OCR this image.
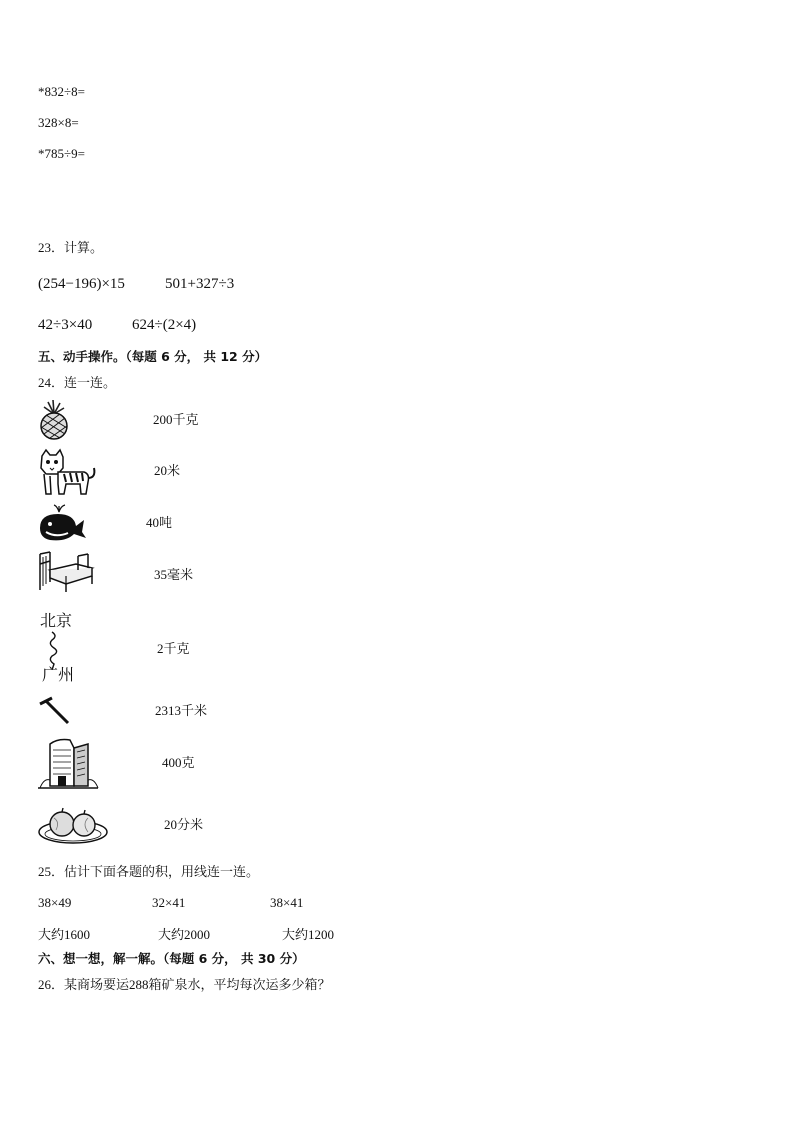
*832÷8=
328×8=
*785÷9=
23．计算。
(254−196)×15	501+327÷3
42÷3×40	624÷(2×4)
五、动手操作。（每题 6 分， 共 12 分）
24．连一连。
200千克
20米
40吨
35毫米
北京
广州
2千克
2313千米
400克
20分米
25．估计下面各题的积，用线连一连。
38×49	32×41	38×41
大约1600	大约2000	大约1200
六、想一想，解一解。（每题 6 分， 共 30 分）
26．某商场要运288箱矿泉水，平均每次运多少箱？
